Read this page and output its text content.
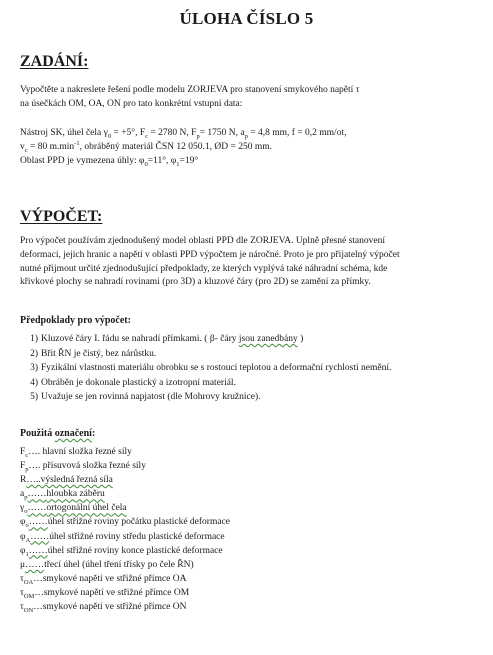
ÚLOHA ČÍSLO 5
ZADÁNÍ:
Vypočtěte a nakreslete řešení podle modelu ZORJEVA pro stanovení smykového napětí τ
na úsečkách OM, OA, ON pro tato konkrétní vstupní data:
Nástroj SK, úhel čela $\gamma_0 = +5^\circ$, $F_c = 2780$ N, $F_p= 1750$ N, $a_p = 4,8$ mm, f = 0,2 mm/ot,
$v_c = 80$ $m.\min^{-1}$, obráběný materiál ČSN 12 050.1, ØD = 250 mm.
Oblast PPD je vymezena úhly: $\varphi_0=11^\circ$, $\varphi_1=19^\circ$
VÝPOČET:
Pro výpočet používám zjednodušený model oblasti PPD dle ZORJEVA. Uplně přesné stanovení
deformací, jejich hranic a napětí v oblasti PPD výpočtem je náročné. Proto je pro přijatelný výpočet
nutné přijmout určité zjednodušující předpoklady, ze kterých vyplývá také náhradní schéma, kde
křivkové plochy se nahradí rovinami (pro 3D) a kluzové čáry (pro 2D) se zamění za přímky.
Předpoklady pro výpočet:
1) Kluzové čáry I. řádu se nahradí přímkami. ( β- čáry jsou zanedbány )
2) Břit ŘN je čistý, bez nárůstku.
3) Fyzikální vlastnosti materiálu obrobku se s rostoucí teplotou a deformační rychlostí nemění.
4) Obráběn je dokonale plastický a izotropní materiál.
5) Uvažuje se jen rovinná napjatost (dle Mohrovy kružnice).
Použitá označení:
$F_c\dots$. hlavní složka řezné síly
$F_p\dots$. přísuvová složka řezné síly
R…..výsledná řezná síla
$a_p\dots\dots hloubka$ záběru
$\gamma_o\dots\dots ortogoná\ln í$ úhel čela
$\varphi_o\dots\dots úhel$ střižné roviny počátku plastické deformace
$\varphi_A\dots\dots úhel$ střižné roviny středu plastické deformace
$\varphi_1\dots\dots úhel$ střižné roviny konce plastické deformace
μ……třecí úhel (úhel tření třísky po čele ŘN)
$\tau_{OA}\dots smykové$ napětí ve střižné přímce OA
$\tau_{OM}\dots smykové$ napětí ve střižné přímce OM
$\tau_{ON}\dots smykové$ napětí ve střižné přímce ON
